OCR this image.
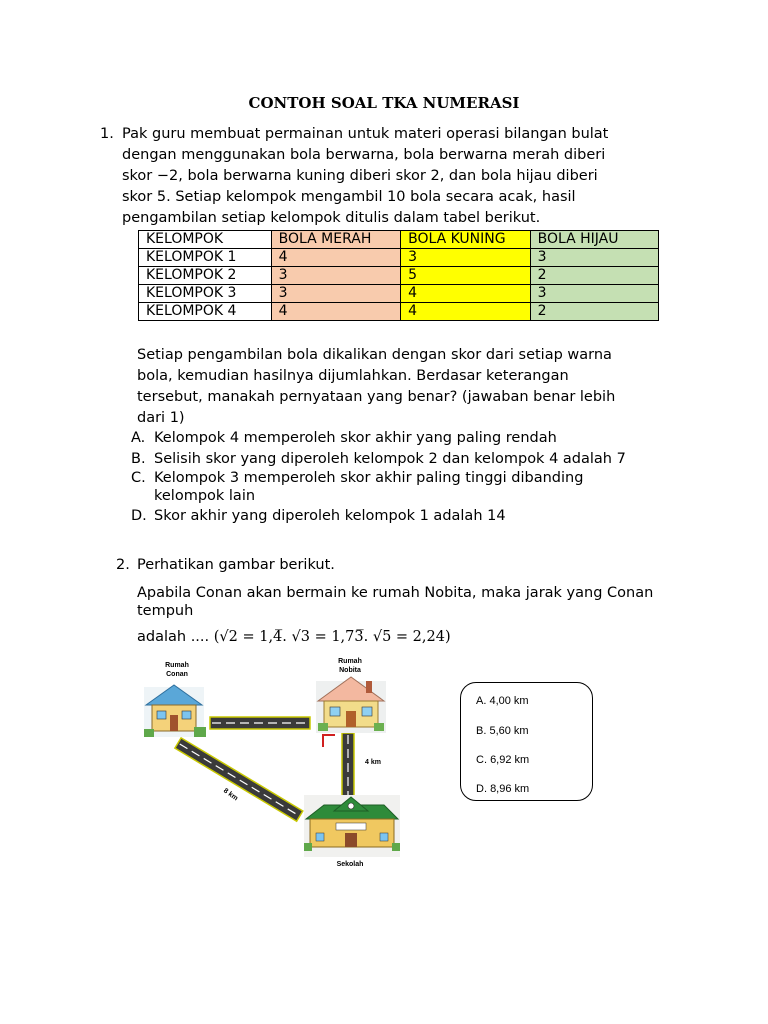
CONTOH SOAL TKA NUMERASI
1. Pak guru membuat permainan untuk materi operasi bilangan bulat
dengan menggunakan bola berwarna, bola berwarna merah diberi
skor −2, bola berwarna kuning diberi skor 2, dan bola hijau diberi
skor 5. Setiap kelompok mengambil 10 bola secara acak, hasil
pengambilan setiap kelompok ditulis dalam tabel berikut.
KELOMPOK	BOLA MERAH	BOLA KUNING	BOLA HIJAU
KELOMPOK 1	4	3	3
KELOMPOK 2	3	5	2
KELOMPOK 3	3	4	3
KELOMPOK 4	4	4	2
Setiap pengambilan bola dikalikan dengan skor dari setiap warna
bola, kemudian hasilnya dijumlahkan. Berdasar keterangan
tersebut, manakah pernyataan yang benar? (jawaban benar lebih
dari 1)
A. Kelompok 4 memperoleh skor akhir yang paling rendah
B. Selisih skor yang diperoleh kelompok 2 dan kelompok 4 adalah 7
C. Kelompok 3 memperoleh skor akhir paling tinggi dibanding kelompok lain
D. Skor akhir yang diperoleh kelompok 1 adalah 14
2. Perhatikan gambar berikut.
Apabila Conan akan bermain ke rumah Nobita, maka jarak yang Conan tempuh
adalah .... (√2 = 1,4̅. √3 = 1,73̅. √5 = 2,24)
Rumah
Conan
Rumah
Nobita
Sekolah
4 km
8 km
A. 4,00 km
B. 5,60 km
C. 6,92 km
D. 8,96 km
